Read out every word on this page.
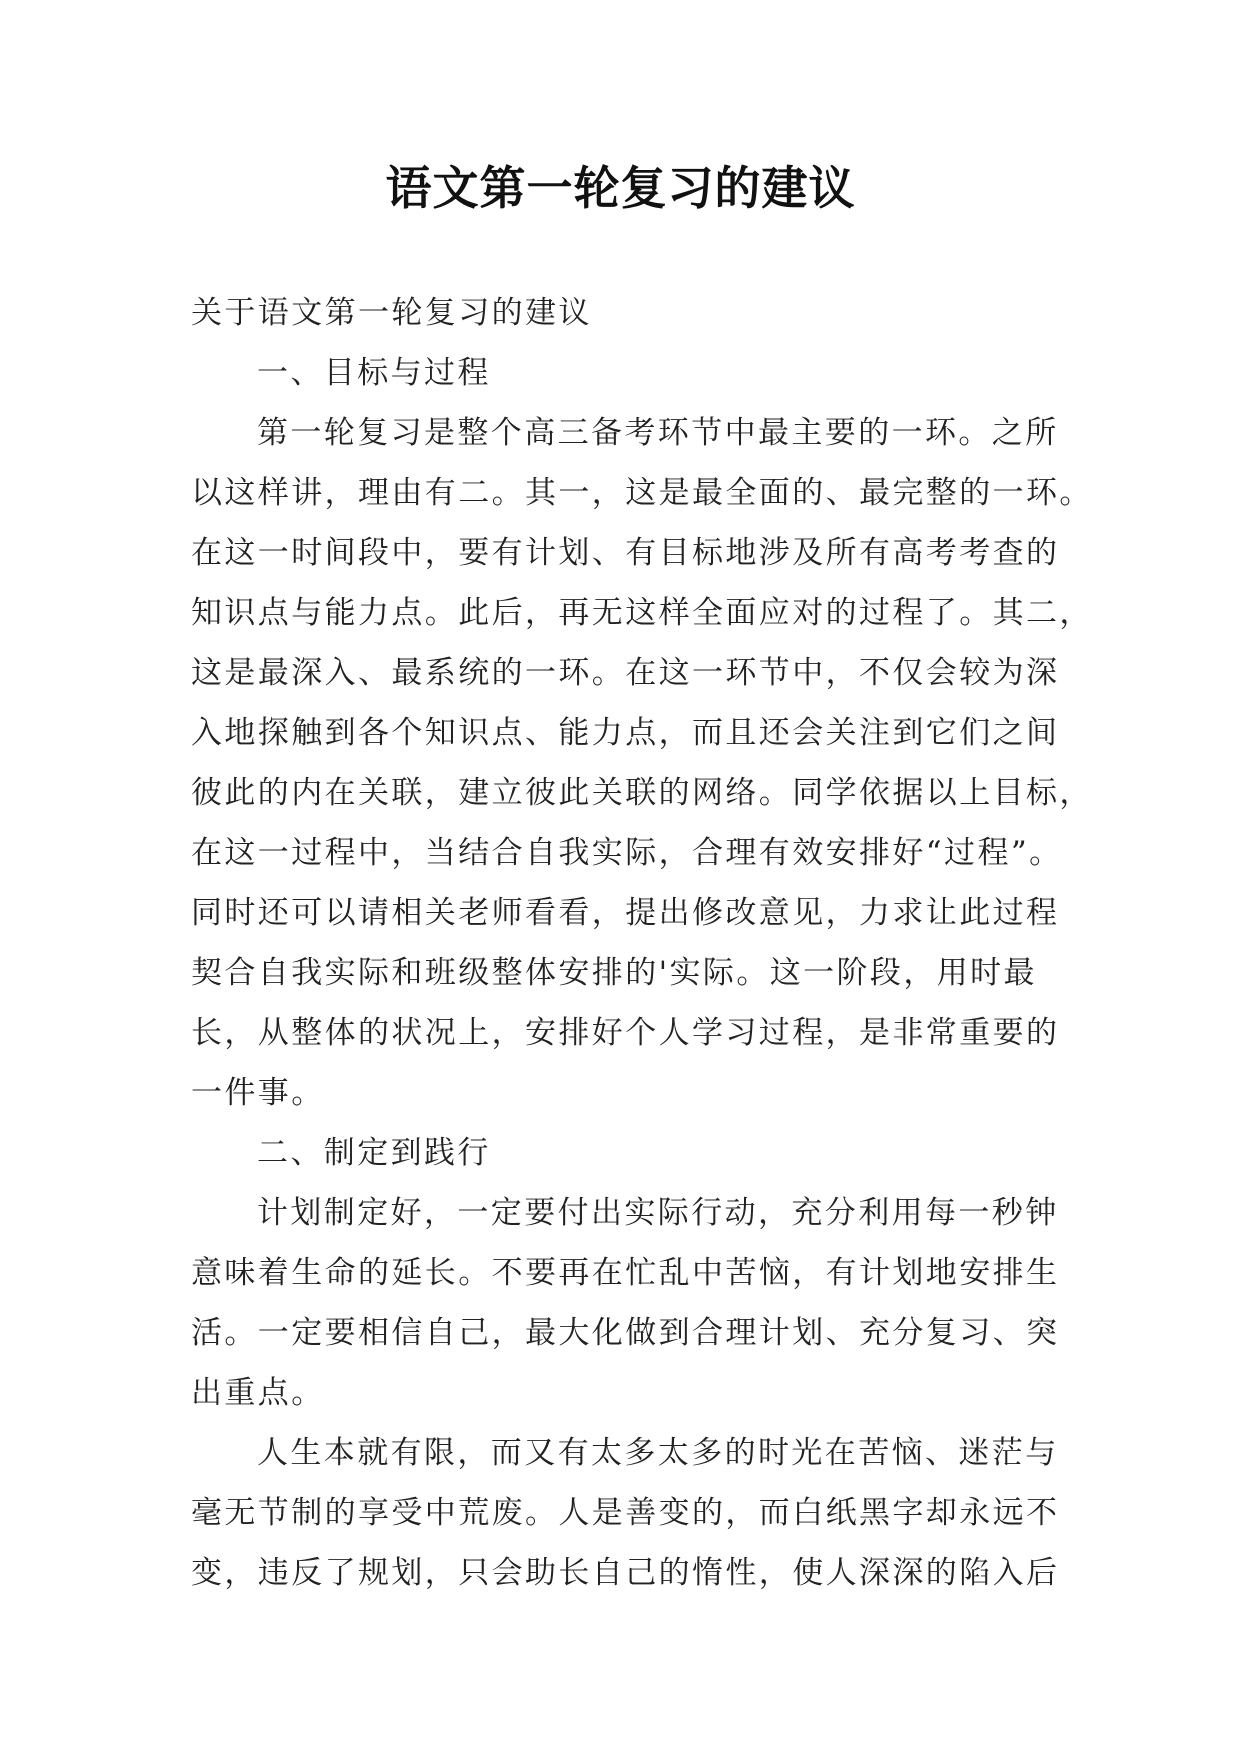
语文第一轮复习的建议
关于语文第一轮复习的建议
一、目标与过程
第一轮复习是整个高三备考环节中最主要的一环。之所
以这样讲，理由有二。其一，这是最全面的、最完整的一环。
在这一时间段中，要有计划、有目标地涉及所有高考考查的
知识点与能力点。此后，再无这样全面应对的过程了。其二，
这是最深入、最系统的一环。在这一环节中，不仅会较为深
入地探触到各个知识点、能力点，而且还会关注到它们之间
彼此的内在关联，建立彼此关联的网络。同学依据以上目标，
在这一过程中，当结合自我实际，合理有效安排好“过程”。
同时还可以请相关老师看看，提出修改意见，力求让此过程
契合自我实际和班级整体安排的'实际。这一阶段，用时最
长，从整体的状况上，安排好个人学习过程，是非常重要的
一件事。
二、制定到践行
计划制定好，一定要付出实际行动，充分利用每一秒钟
意味着生命的延长。不要再在忙乱中苦恼，有计划地安排生
活。一定要相信自己，最大化做到合理计划、充分复习、突
出重点。
人生本就有限，而又有太多太多的时光在苦恼、迷茫与
毫无节制的享受中荒废。人是善变的，而白纸黑字却永远不
变，违反了规划，只会助长自己的惰性，使人深深的陷入后
